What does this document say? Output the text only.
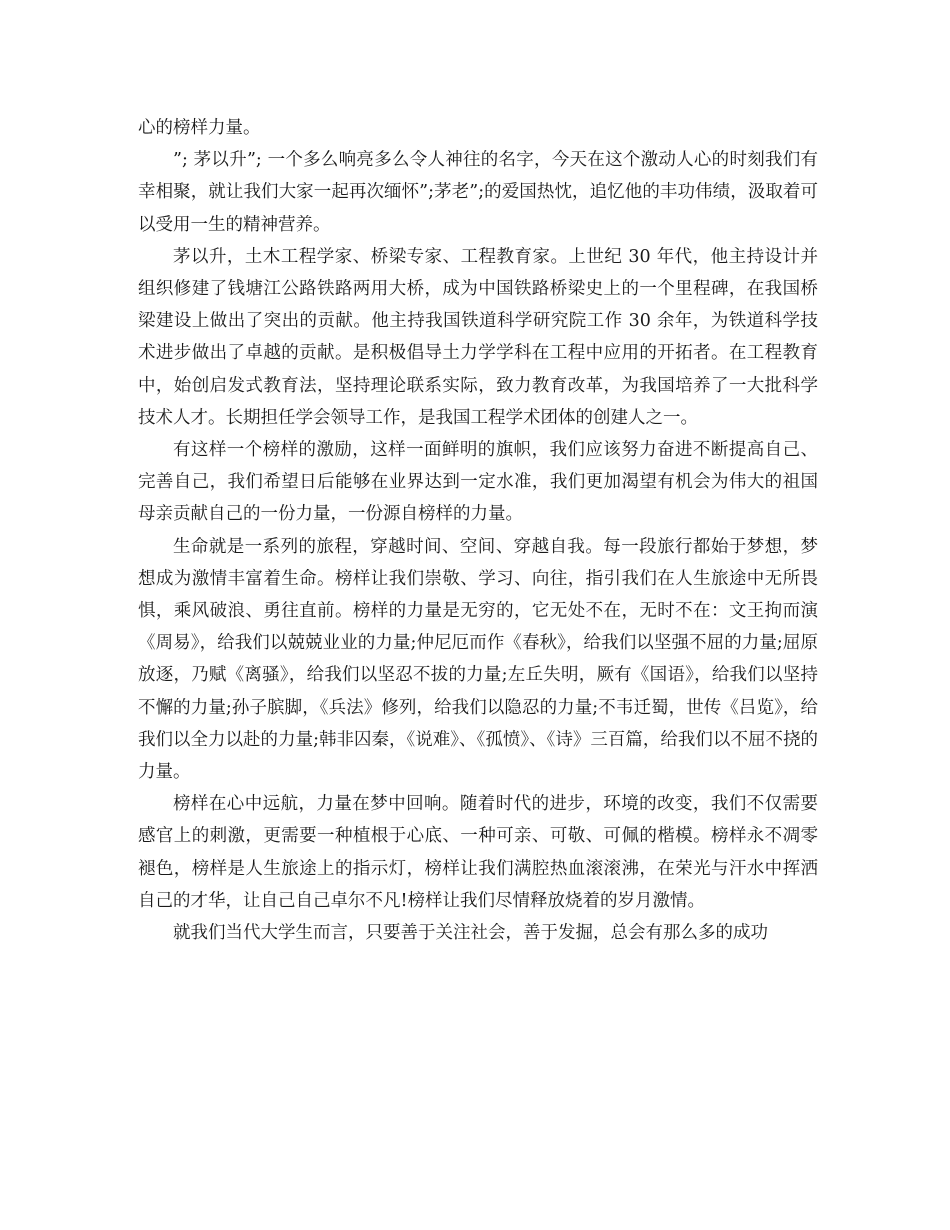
心的榜样力量。

”; 茅以升”; 一个多么响亮多么令人神往的名字，今天在这个激动人心的时刻我们有幸相聚，就让我们大家一起再次缅怀”;茅老”;的爱国热忱，追忆他的丰功伟绩，汲取着可以受用一生的精神营养。

茅以升，土木工程学家、桥梁专家、工程教育家。上世纪 30 年代，他主持设计并组织修建了钱塘江公路铁路两用大桥，成为中国铁路桥梁史上的一个里程碑，在我国桥梁建设上做出了突出的贡献。他主持我国铁道科学研究院工作 30 余年，为铁道科学技术进步做出了卓越的贡献。是积极倡导土力学学科在工程中应用的开拓者。在工程教育中，始创启发式教育法，坚持理论联系实际，致力教育改革，为我国培养了一大批科学技术人才。长期担任学会领导工作，是我国工程学术团体的创建人之一。

有这样一个榜样的激励，这样一面鲜明的旗帜，我们应该努力奋进不断提高自己、完善自己，我们希望日后能够在业界达到一定水准，我们更加渴望有机会为伟大的祖国母亲贡献自己的一份力量，一份源自榜样的力量。

生命就是一系列的旅程，穿越时间、空间、穿越自我。每一段旅行都始于梦想，梦想成为激情丰富着生命。榜样让我们崇敬、学习、向往，指引我们在人生旅途中无所畏惧，乘风破浪、勇往直前。榜样的力量是无穷的，它无处不在，无时不在：文王拘而演《周易》，给我们以兢兢业业的力量;仲尼厄而作《春秋》，给我们以坚强不屈的力量;屈原放逐，乃赋《离骚》，给我们以坚忍不拔的力量;左丘失明，厥有《国语》，给我们以坚持不懈的力量;孙子膑脚，《兵法》修列，给我们以隐忍的力量;不韦迁蜀，世传《吕览》，给我们以全力以赴的力量;韩非囚秦，《说难》、《孤愤》、《诗》三百篇，给我们以不屈不挠的力量。

榜样在心中远航，力量在梦中回响。随着时代的进步，环境的改变，我们不仅需要感官上的刺激，更需要一种植根于心底、一种可亲、可敬、可佩的楷模。榜样永不凋零褪色，榜样是人生旅途上的指示灯，榜样让我们满腔热血滚滚沸，在荣光与汗水中挥洒自己的才华，让自己自己卓尔不凡!榜样让我们尽情释放烧着的岁月激情。

就我们当代大学生而言，只要善于关注社会，善于发掘，总会有那么多的成功
